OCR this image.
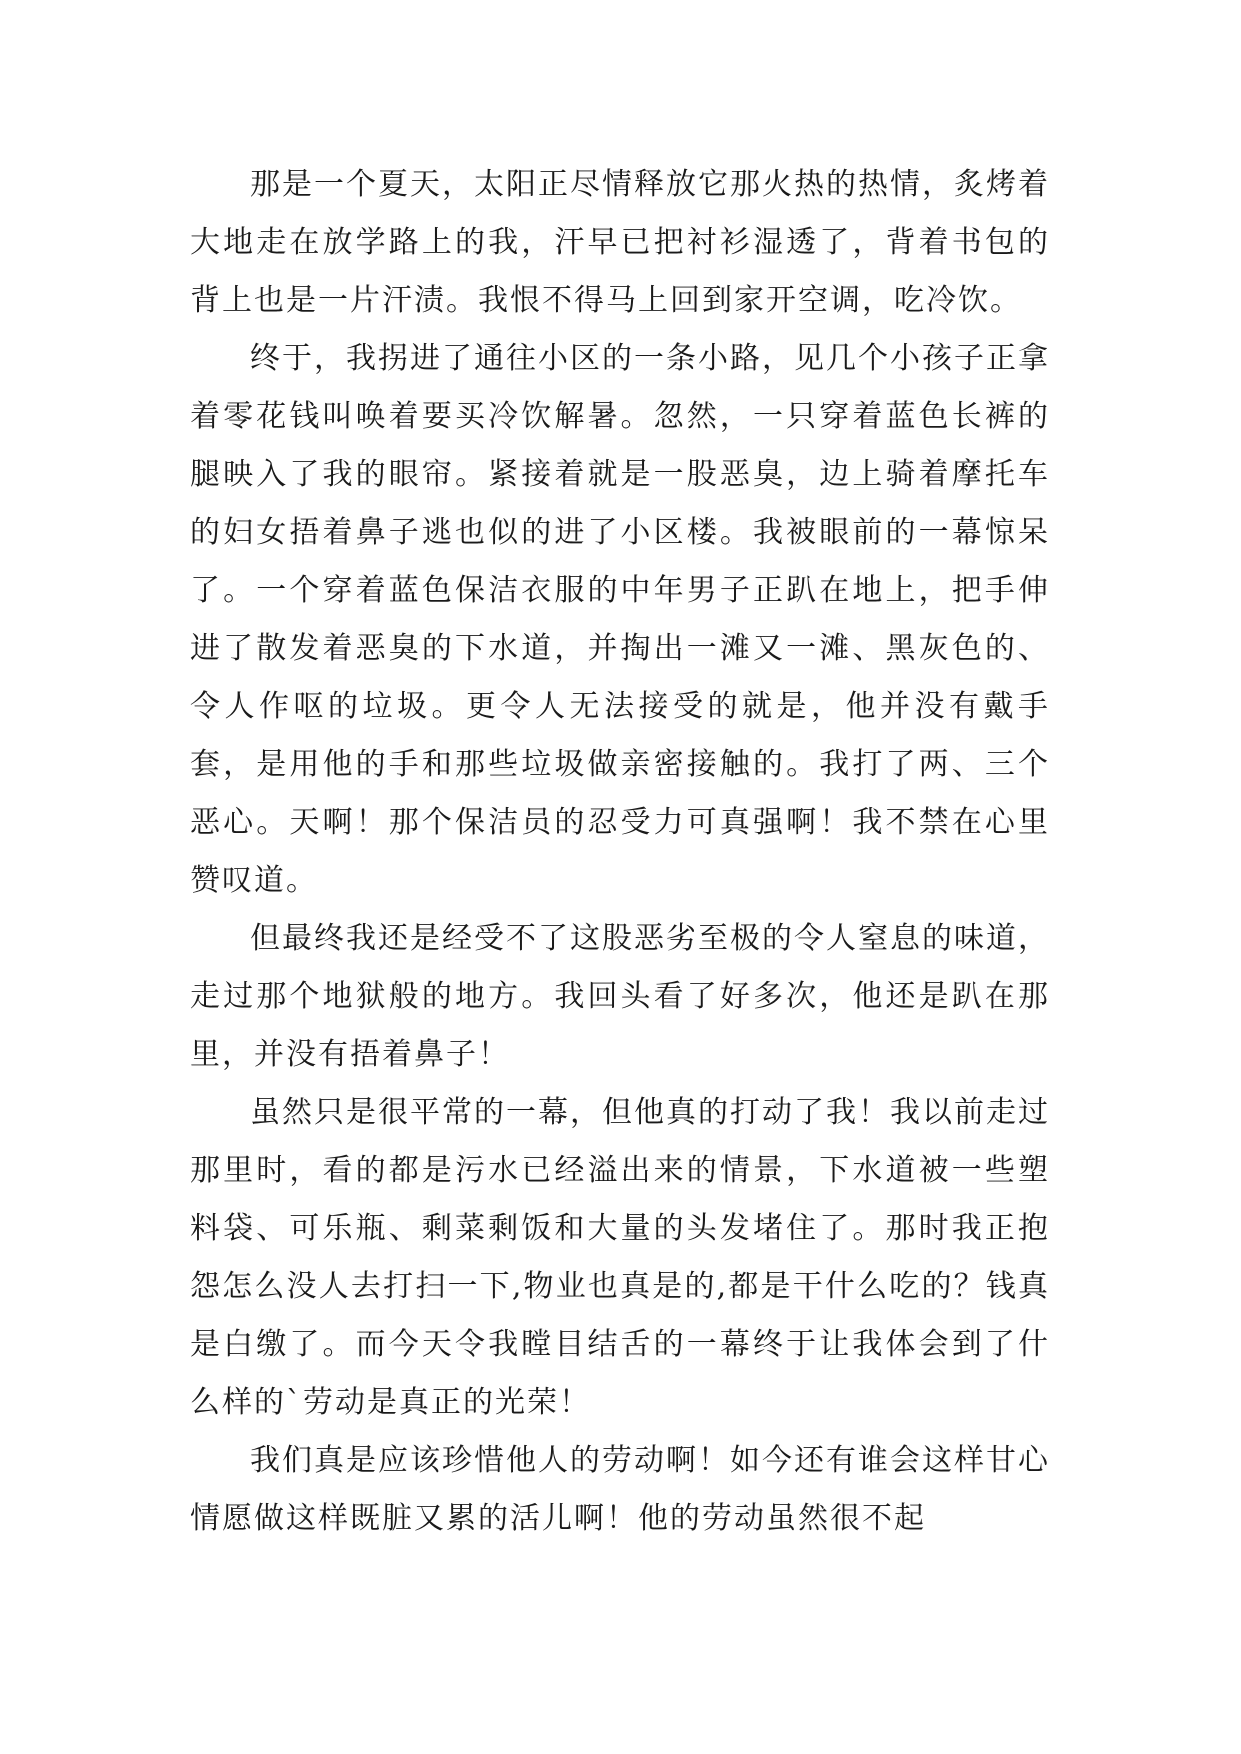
那是一个夏天，太阳正尽情释放它那火热的热情，炙烤着大地走在放学路上的我，汗早已把衬衫湿透了，背着书包的背上也是一片汗渍。我恨不得马上回到家开空调，吃冷饮。

终于，我拐进了通往小区的一条小路，见几个小孩子正拿着零花钱叫唤着要买冷饮解暑。忽然，一只穿着蓝色长裤的腿映入了我的眼帘。紧接着就是一股恶臭，边上骑着摩托车的妇女捂着鼻子逃也似的进了小区楼。我被眼前的一幕惊呆了。一个穿着蓝色保洁衣服的中年男子正趴在地上，把手伸进了散发着恶臭的下水道，并掏出一滩又一滩、黑灰色的、令人作呕的垃圾。更令人无法接受的就是，他并没有戴手套，是用他的手和那些垃圾做亲密接触的。我打了两、三个恶心。天啊！那个保洁员的忍受力可真强啊！我不禁在心里赞叹道。

但最终我还是经受不了这股恶劣至极的令人窒息的味道，走过那个地狱般的地方。我回头看了好多次，他还是趴在那里，并没有捂着鼻子！

虽然只是很平常的一幕，但他真的打动了我！我以前走过那里时，看的都是污水已经溢出来的情景，下水道被一些塑料袋、可乐瓶、剩菜剩饭和大量的头发堵住了。那时我正抱怨怎么没人去打扫一下,物业也真是的,都是干什么吃的？钱真是白缴了。而今天令我瞠目结舌的一幕终于让我体会到了什么样的`劳动是真正的光荣！

我们真是应该珍惜他人的劳动啊！如今还有谁会这样甘心情愿做这样既脏又累的活儿啊！他的劳动虽然很不起
